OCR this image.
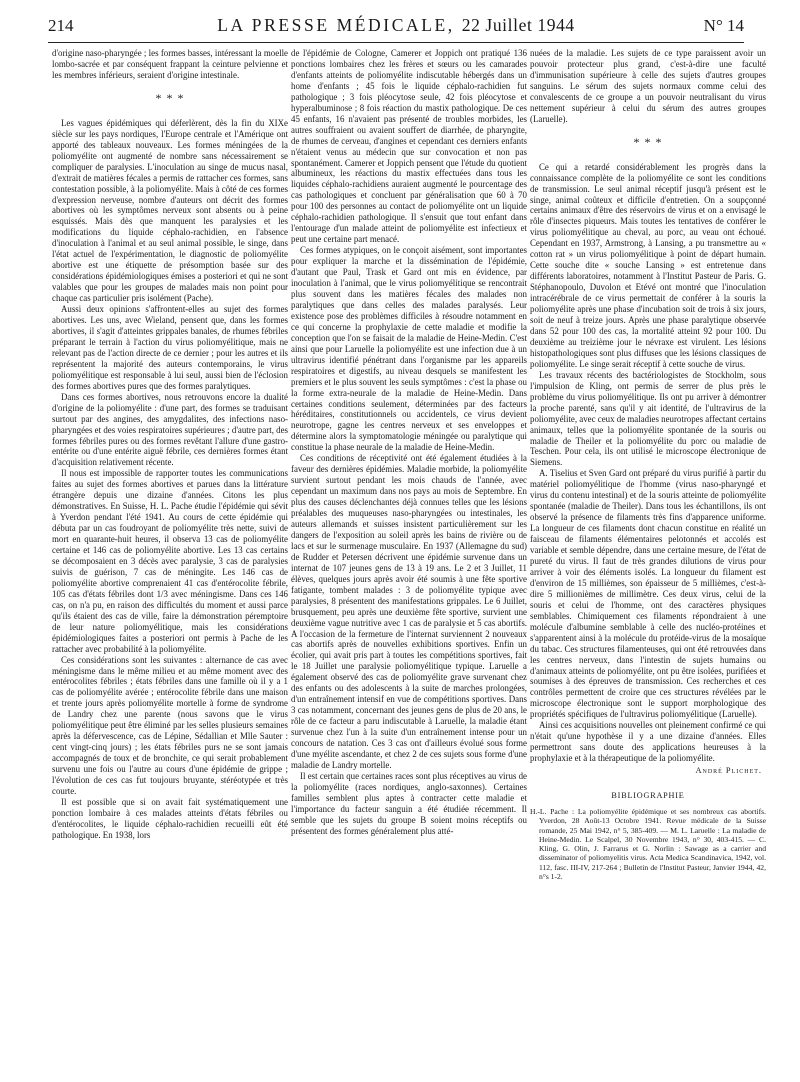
214	LA PRESSE MÉDICALE, 22 Juillet 1944	N° 14

d'origine naso-pharyngée ; les formes basses, intéressant la moelle lombo-sacrée et par conséquent frappant la ceinture pelvienne et les membres inférieurs, seraient d'origine intestinale.

* * *

Les vagues épidémiques qui déferlèrent, dès la fin du XIXe siècle sur les pays nordiques, l'Europe centrale et l'Amérique ont apporté des tableaux nouveaux. Les formes méningées de la poliomyélite ont augmenté de nombre sans nécessairement se compliquer de paralysies. L'inoculation au singe de mucus nasal, d'extrait de matières fécales a permis de rattacher ces formes, sans contestation possible, à la poliomyélite. Mais à côté de ces formes d'expression nerveuse, nombre d'auteurs ont décrit des formes abortives où les symptômes nerveux sont absents ou à peine esquissés. Mais dès que manquent les paralysies et les modifications du liquide céphalo-rachidien, en l'absence d'inoculation à l'animal et au seul animal possible, le singe, dans l'état actuel de l'expérimentation, le diagnostic de poliomyélite abortive est une étiquette de présomption basée sur des considérations épidémiologiques émises a posteriori et qui ne sont valables que pour les groupes de malades mais non point pour chaque cas particulier pris isolément (Pache).

Aussi deux opinions s'affrontent-elles au sujet des formes abortives. Les uns, avec Wieland, pensent que, dans les formes abortives, il s'agit d'atteintes grippales banales, de rhumes fébriles préparant le terrain à l'action du virus poliomyélitique, mais ne relevant pas de l'action directe de ce dernier ; pour les autres et ils représentent la majorité des auteurs contemporains, le virus poliomyélitique est responsable à lui seul, aussi bien de l'éclosion des formes abortives pures que des formes paralytiques.

Dans ces formes abortives, nous retrouvons encore la dualité d'origine de la poliomyélite : d'une part, des formes se traduisant surtout par des angines, des amygdalites, des infections naso-pharyngées et des voies respiratoires supérieures ; d'autre part, des formes fébriles pures ou des formes revêtant l'allure d'une gastro-entérite ou d'une entérite aiguë fébrile, ces dernières formes étant d'acquisition relativement récente.

Il nous est impossible de rapporter toutes les communications faites au sujet des formes abortives et parues dans la littérature étrangère depuis une dizaine d'années. Citons les plus démonstratives. En Suisse, H. L. Pache étudie l'épidémie qui sévit à Yverdon pendant l'été 1941. Au cours de cette épidémie qui débuta par un cas foudroyant de poliomyélite très nette, suivi de mort en quarante-huit heures, il observa 13 cas de poliomyélite certaine et 146 cas de poliomyélite abortive. Les 13 cas certains se décomposaient en 3 décès avec paralysie, 3 cas de paralysies suivis de guérison, 7 cas de méningite. Les 146 cas de poliomyélite abortive comprenaient 41 cas d'entérocolite fébrile, 105 cas d'états fébriles dont 1/3 avec méningisme. Dans ces 146 cas, on n'a pu, en raison des difficultés du moment et aussi parce qu'ils étaient des cas de ville, faire la démonstration péremptoire de leur nature poliomyélitique, mais les considérations épidémiologiques faites a posteriori ont permis à Pache de les rattacher avec probabilité à la poliomyélite.

Ces considérations sont les suivantes : alternance de cas avec méningisme dans le même milieu et au même moment avec des entérocolites fébriles ; états fébriles dans une famille où il y a 1 cas de poliomyélite avérée ; entérocolite fébrile dans une maison et trente jours après poliomyélite mortelle à forme de syndrome de Landry chez une parente (nous savons que le virus poliomyélitique peut être éliminé par les selles plusieurs semaines après la défervescence, cas de Lépine, Sédallian et Mlle Sauter : cent vingt-cinq jours) ; les états fébriles purs ne se sont jamais accompagnés de toux et de bronchite, ce qui serait probablement survenu une fois ou l'autre au cours d'une épidémie de grippe ; l'évolution de ces cas fut toujours bruyante, stéréotypée et très courte.

Il est possible que si on avait fait systématiquement une ponction lombaire à ces malades atteints d'états fébriles ou d'entérocolites, le liquide céphalo-rachidien recueilli eût été pathologique. En 1938, lors

de l'épidémie de Cologne, Camerer et Joppich ont pratiqué 136 ponctions lombaires chez les frères et sœurs ou les camarades d'enfants atteints de poliomyélite indiscutable hébergés dans un home d'enfants ; 45 fois le liquide céphalo-rachidien fut pathologique ; 3 fois pléocytose seule, 42 fois pléocytose et hyperalbuminose ; 8 fois réaction du mastix pathologique. De ces 45 enfants, 16 n'avaient pas présenté de troubles morbides, les autres souffraient ou avaient souffert de diarrhée, de pharyngite, de rhumes de cerveau, d'angines et cependant ces derniers enfants n'étaient venus au médecin que sur convocation et non pas spontanément. Camerer et Joppich pensent que l'étude du quotient albumineux, les réactions du mastix effectuées dans tous les liquides céphalo-rachidiens auraient augmenté le pourcentage des cas pathologiques et concluent par généralisation que 60 à 70 pour 100 des personnes au contact de poliomyélite ont un liquide céphalo-rachidien pathologique. Il s'ensuit que tout enfant dans l'entourage d'un malade atteint de poliomyélite est infectieux et peut une certaine part menacé.

Ces formes atypiques, on le conçoit aisément, sont importantes pour expliquer la marche et la dissémination de l'épidémie, d'autant que Paul, Trask et Gard ont mis en évidence, par inoculation à l'animal, que le virus poliomyélitique se rencontrait plus souvent dans les matières fécales des malades non paralytiques que dans celles des malades paralysés. Leur existence pose des problèmes difficiles à résoudre notamment en ce qui concerne la prophylaxie de cette maladie et modifie la conception que l'on se faisait de la maladie de Heine-Medin. C'est ainsi que pour Laruelle la poliomyélite est une infection due à un ultravirus identifié pénétrant dans l'organisme par les appareils respiratoires et digestifs, au niveau desquels se manifestent les premiers et le plus souvent les seuls symptômes : c'est la phase ou la forme extra-neurale de la maladie de Heine-Medin. Dans certaines conditions seulement, déterminées par des facteurs héréditaires, constitutionnels ou accidentels, ce virus devient neurotrope, gagne les centres nerveux et ses enveloppes et détermine alors la symptomatologie méningée ou paralytique qui constitue la phase neurale de la maladie de Heine-Medin.

Ces conditions de réceptivité ont été également étudiées à la faveur des dernières épidémies. Maladie morbide, la poliomyélite survient surtout pendant les mois chauds de l'année, avec cependant un maximum dans nos pays au mois de Septembre. En plus des causes déclenchantes déjà connues telles que les lésions préalables des muqueuses naso-pharyngées ou intestinales, les auteurs allemands et suisses insistent particulièrement sur les dangers de l'exposition au soleil après les bains de rivière ou de lacs et sur le surmenage musculaire. En 1937 (Allemagne du sud) de Rudder et Petersen décrivent une épidémie survenue dans un internat de 107 jeunes gens de 13 à 19 ans. Le 2 et 3 Juillet, 11 élèves, quelques jours après avoir été soumis à une fête sportive fatigante, tombent malades : 3 de poliomyélite typique avec paralysies, 8 présentent des manifestations grippales. Le 6 Juillet, brusquement, peu après une deuxième fête sportive, survient une deuxième vague nutritive avec 1 cas de paralysie et 5 cas abortifs. A l'occasion de la fermeture de l'internat surviennent 2 nouveaux cas abortifs après de nouvelles exhibitions sportives. Enfin un écolier, qui avait pris part à toutes les compétitions sportives, fait le 18 Juillet une paralysie poliomyélitique typique. Laruelle a également observé des cas de poliomyélite grave survenant chez des enfants ou des adolescents à la suite de marches prolongées, d'un entraînement intensif en vue de compétitions sportives. Dans 3 cas notamment, concernant des jeunes gens de plus de 20 ans, le rôle de ce facteur a paru indiscutable à Laruelle, la maladie étant survenue chez l'un à la suite d'un entraînement intense pour un concours de natation. Ces 3 cas ont d'ailleurs évolué sous forme d'une myélite ascendante, et chez 2 de ces sujets sous forme d'une maladie de Landry mortelle.

Il est certain que certaines races sont plus réceptives au virus de la poliomyélite (races nordiques, anglo-saxonnes). Certaines familles semblent plus aptes à contracter cette maladie et l'importance du facteur sanguin a été étudiée récemment. Il semble que les sujets du groupe B soient moins réceptifs ou présentent des formes généralement plus atté-

nuées de la maladie. Les sujets de ce type paraissent avoir un pouvoir protecteur plus grand, c'est-à-dire une faculté d'immunisation supérieure à celle des sujets d'autres groupes sanguins. Le sérum des sujets normaux comme celui des convalescents de ce groupe a un pouvoir neutralisant du virus nettement supérieur à celui du sérum des autres groupes (Laruelle).

* * *

Ce qui a retardé considérablement les progrès dans la connaissance complète de la poliomyélite ce sont les conditions de transmission. Le seul animal réceptif jusqu'à présent est le singe, animal coûteux et difficile d'entretien. On a soupçonné certains animaux d'être des réservoirs de virus et on a envisagé le rôle d'insectes piqueurs. Mais toutes les tentatives de conférer le virus poliomyélitique au cheval, au porc, au veau ont échoué. Cependant en 1937, Armstrong, à Lansing, a pu transmettre au « cotton rat » un virus poliomyélitique à point de départ humain. Cette souche dite « souche Lansing » est entretenue dans différents laboratoires, notamment à l'Institut Pasteur de Paris. G. Stéphanopoulo, Duvolon et Etévé ont montré que l'inoculation intracérébrale de ce virus permettait de conférer à la souris la poliomyélite après une phase d'incubation soit de trois à six jours, soit de neuf à treize jours. Après une phase paralytique observée dans 52 pour 100 des cas, la mortalité atteint 92 pour 100. Du deuxième au treizième jour le névraxe est virulent. Les lésions histopathologiques sont plus diffuses que les lésions classiques de poliomyélite. Le singe serait réceptif à cette souche de virus.

Les travaux récents des bactériologistes de Stockholm, sous l'impulsion de Kling, ont permis de serrer de plus près le problème du virus poliomyélitique. Ils ont pu arriver à démontrer la proche parenté, sans qu'il y ait identité, de l'ultravirus de la poliomyélite, avec ceux de maladies neurotropes affectant certains animaux, telles que la poliomyélite spontanée de la souris ou maladie de Theiler et la poliomyélite du porc ou maladie de Teschen. Pour cela, ils ont utilisé le microscope électronique de Siemens.

A. Tiselius et Sven Gard ont préparé du virus purifié à partir du matériel poliomyélitique de l'homme (virus naso-pharyngé et virus du contenu intestinal) et de la souris atteinte de poliomyélite spontanée (maladie de Theiler). Dans tous les échantillons, ils ont observé la présence de filaments très fins d'apparence uniforme. La longueur de ces filaments dont chacun constitue en réalité un faisceau de filaments élémentaires pelotonnés et accolés est variable et semble dépendre, dans une certaine mesure, de l'état de pureté du virus. Il faut de très grandes dilutions de virus pour arriver à voir des éléments isolés. La longueur du filament est d'environ de 15 millièmes, son épaisseur de 5 millièmes, c'est-à-dire 5 millionièmes de millimètre. Ces deux virus, celui de la souris et celui de l'homme, ont des caractères physiques semblables. Chimiquement ces filaments répondraient à une molécule d'albumine semblable à celle des nucléo-protéines et s'apparentent ainsi à la molécule du protéide-virus de la mosaïque du tabac. Ces structures filamenteuses, qui ont été retrouvées dans les centres nerveux, dans l'intestin de sujets humains ou d'animaux atteints de poliomyélite, ont pu être isolées, purifiées et soumises à des épreuves de transmission. Ces recherches et ces contrôles permettent de croire que ces structures révélées par le microscope électronique sont le support morphologique des propriétés spécifiques de l'ultravirus poliomyélitique (Laruelle).

Ainsi ces acquisitions nouvelles ont pleinement confirmé ce qui n'était qu'une hypothèse il y a une dizaine d'années. Elles permettront sans doute des applications heureuses à la prophylaxie et à la thérapeutique de la poliomyélite.

André Plichet.
BIBLIOGRAPHIE

H.-L. Pache : La poliomyélite épidémique et ses nombreux cas abortifs. Yverdon, 28 Août-13 Octobre 1941. Revue médicale de la Suisse romande, 25 Mai 1942, n° 5, 385-409. — M. L. Laruelle : La maladie de Heine-Medin. Le Scalpel, 30 Novembre 1943, n° 30, 403-415. — C. Kling, G. Olin, J. Farrarus et G. Norlin : Sawage as a carrier and disseminator of poliomyelitis virus. Acta Medica Scandinavica, 1942, vol. 112, fasc. III-IV, 217-264 ; Bulletin de l'Institut Pasteur, Janvier 1944, 42, n°s 1-2.
